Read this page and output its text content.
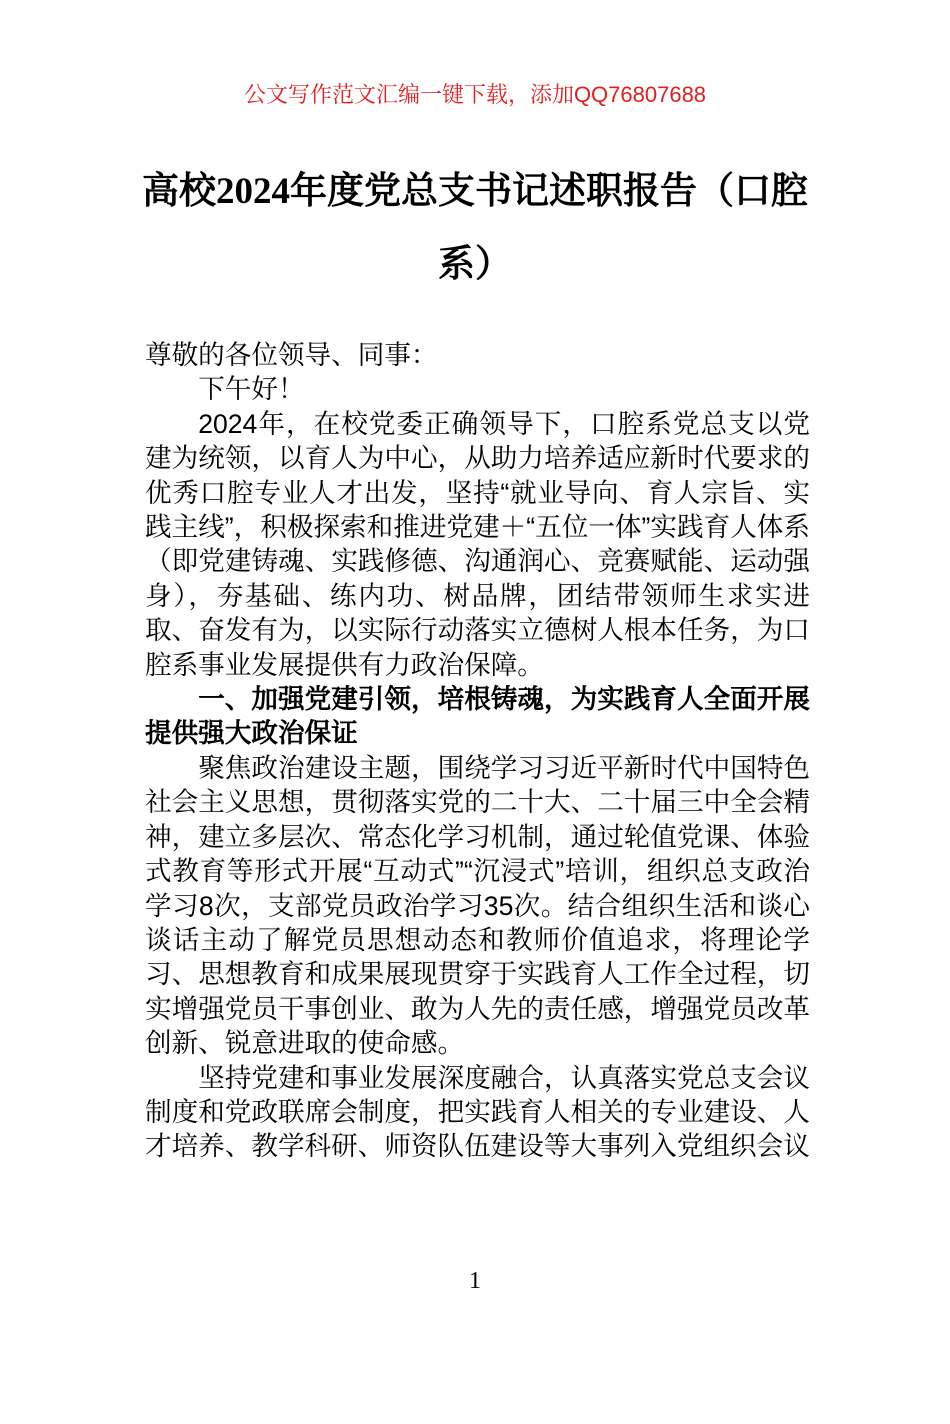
公文写作范文汇编一键下载，添加QQ76807688
高校2024年度党总支书记述职报告（口腔系）

尊敬的各位领导、同事：

下午好！

2024年，在校党委正确领导下，口腔系党总支以党建为统领，以育人为中心，从助力培养适应新时代要求的优秀口腔专业人才出发，坚持“就业导向、育人宗旨、实践主线”，积极探索和推进党建＋“五位一体”实践育人体系（即党建铸魂、实践修德、沟通润心、竞赛赋能、运动强身），夯基础、练内功、树品牌，团结带领师生求实进取、奋发有为，以实际行动落实立德树人根本任务，为口腔系事业发展提供有力政治保障。

一、加强党建引领，培根铸魂，为实践育人全面开展提供强大政治保证

聚焦政治建设主题，围绕学习习近平新时代中国特色社会主义思想，贯彻落实党的二十大、二十届三中全会精神，建立多层次、常态化学习机制，通过轮值党课、体验式教育等形式开展“互动式”“沉浸式”培训，组织总支政治学习8次，支部党员政治学习35次。结合组织生活和谈心谈话主动了解党员思想动态和教师价值追求，将理论学习、思想教育和成果展现贯穿于实践育人工作全过程，切实增强党员干事创业、敢为人先的责任感，增强党员改革创新、锐意进取的使命感。

坚持党建和事业发展深度融合，认真落实党总支会议制度和党政联席会制度，把实践育人相关的专业建设、人才培养、教学科研、师资队伍建设等大事列入党组织会议

1
